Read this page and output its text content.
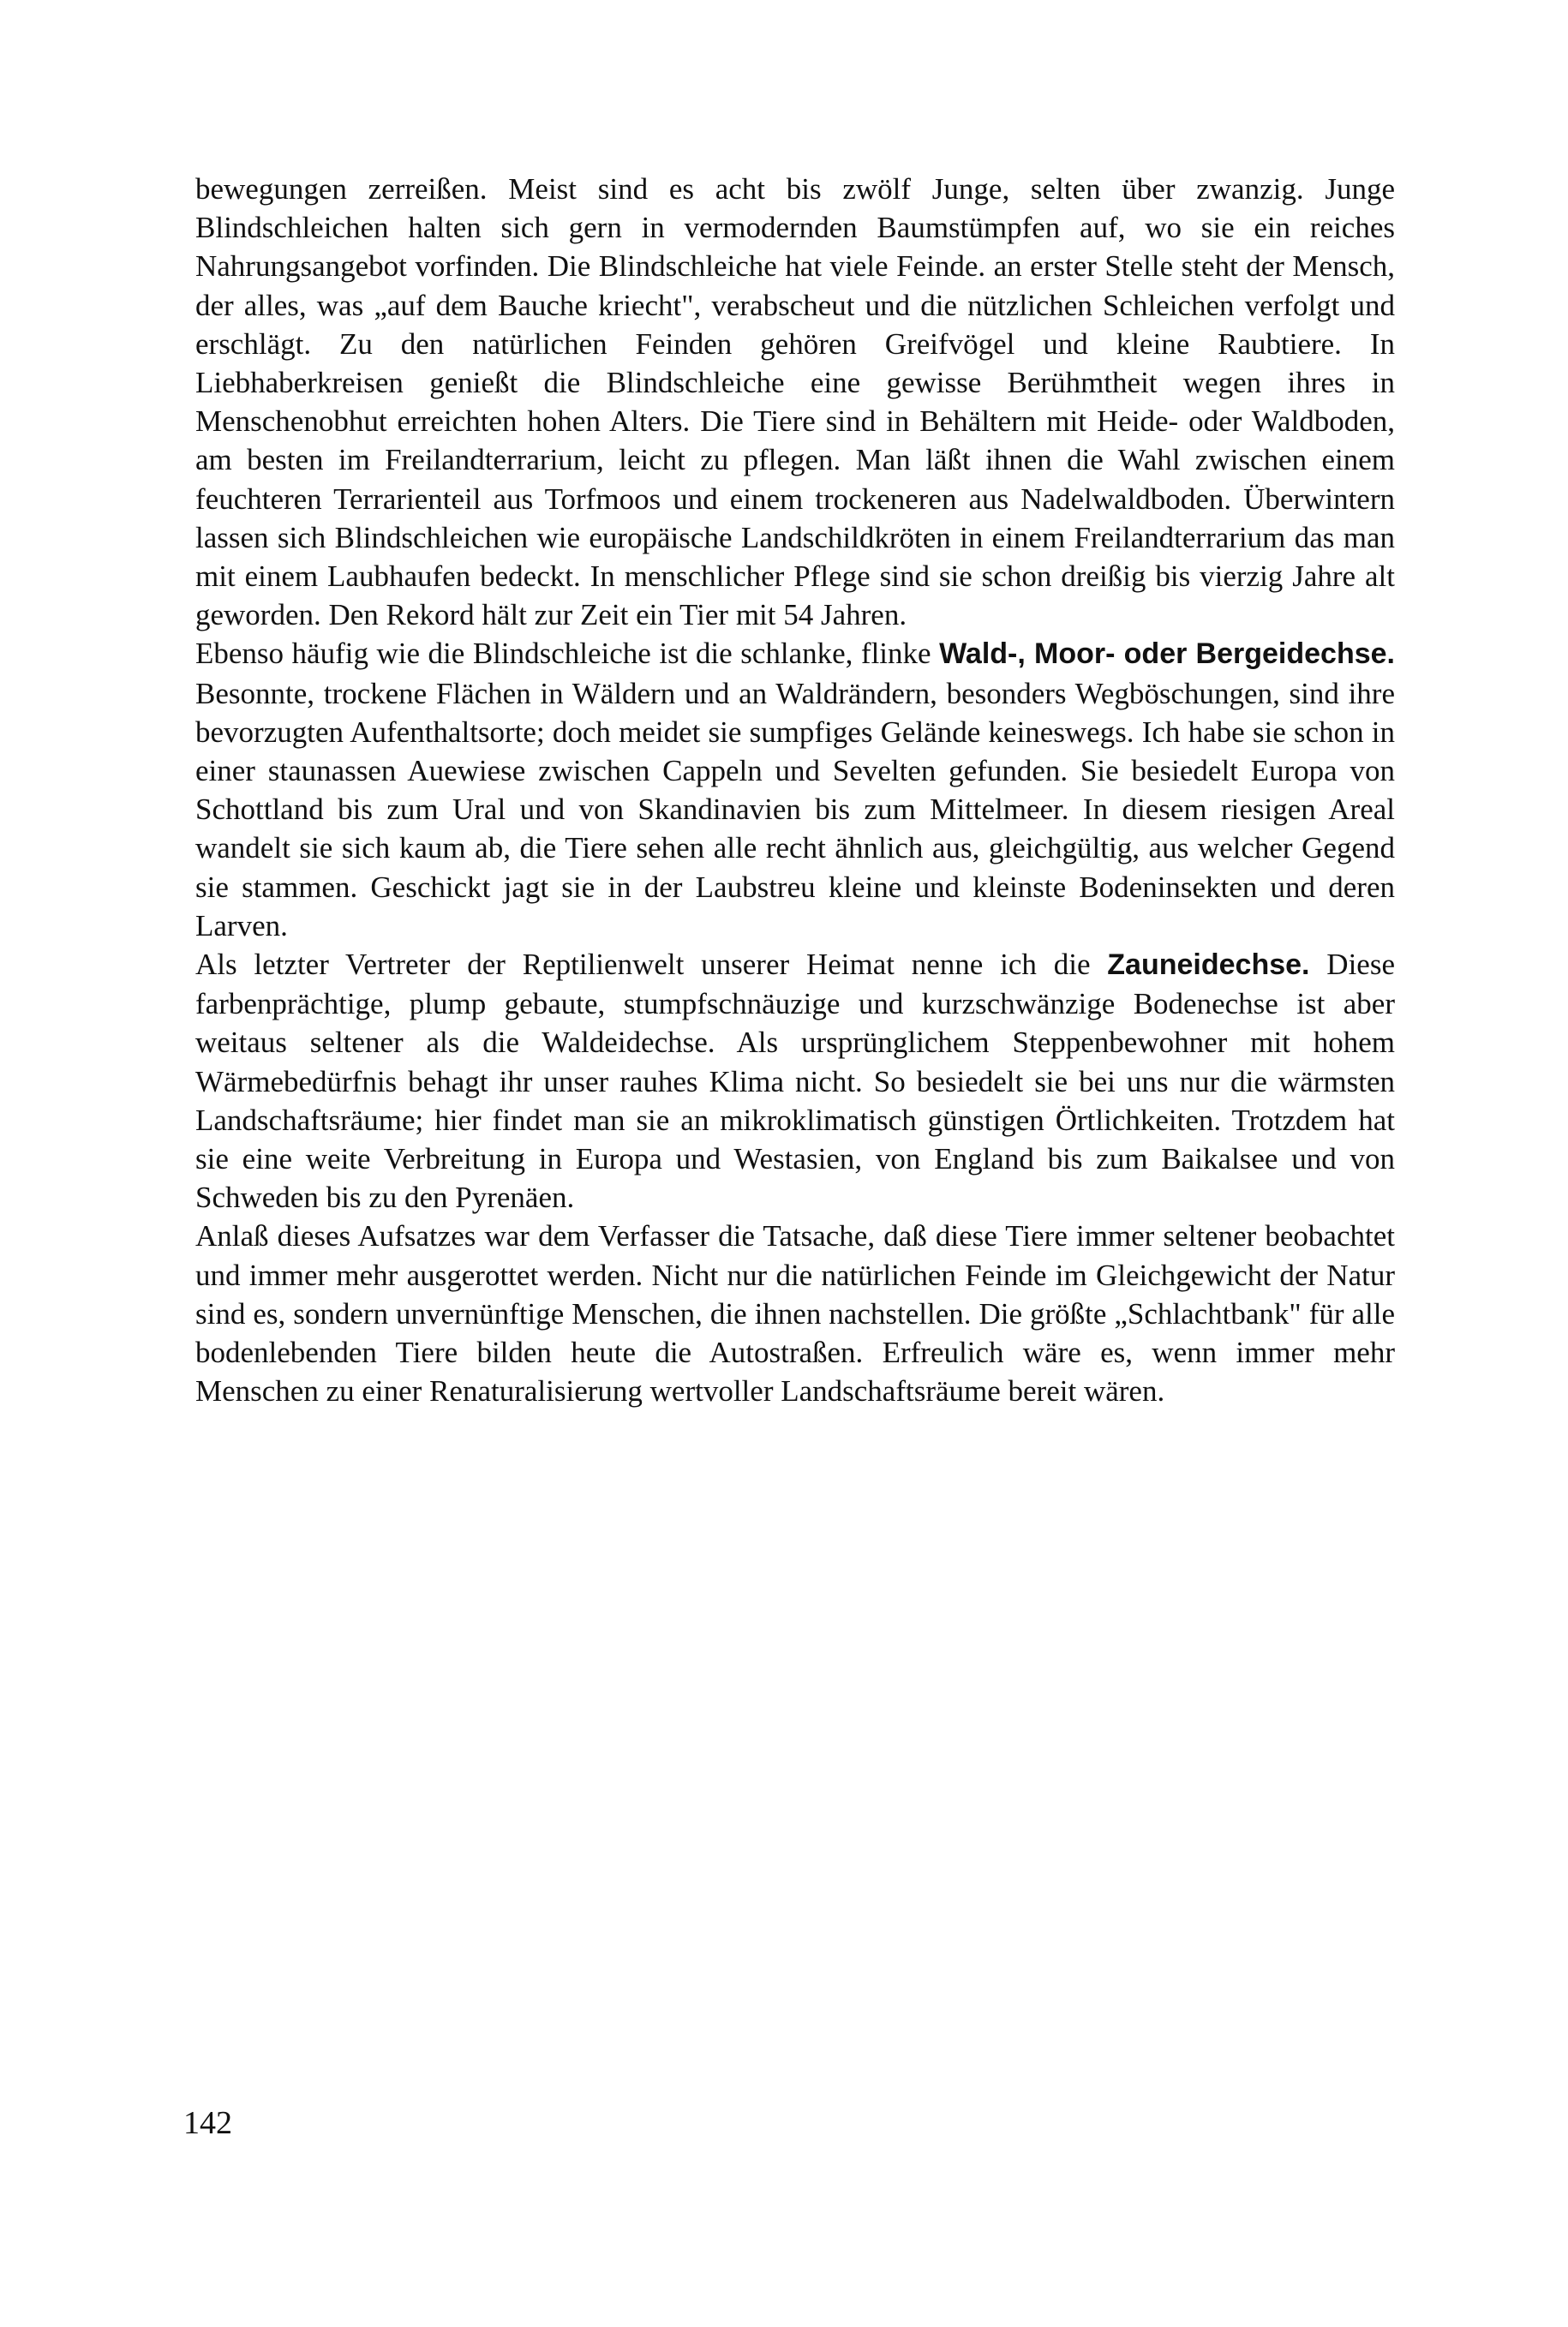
bewegungen zerreißen. Meist sind es acht bis zwölf Junge, selten über zwanzig. Junge Blindschleichen halten sich gern in vermodernden Baumstümpfen auf, wo sie ein reiches Nahrungsangebot vorfinden. Die Blindschleiche hat viele Feinde. an erster Stelle steht der Mensch, der alles, was „auf dem Bauche kriecht", verabscheut und die nützlichen Schleichen verfolgt und erschlägt. Zu den natürlichen Feinden gehören Greifvögel und kleine Raubtiere. In Liebhaberkreisen genießt die Blindschleiche eine gewisse Berühmtheit wegen ihres in Menschenobhut erreichten hohen Alters. Die Tiere sind in Behältern mit Heide- oder Waldboden, am besten im Freilandterrarium, leicht zu pflegen. Man läßt ihnen die Wahl zwischen einem feuchteren Terrarienteil aus Torfmoos und einem trockeneren aus Nadelwaldboden. Überwintern lassen sich Blindschleichen wie europäische Landschildkröten in einem Freilandterrarium das man mit einem Laubhaufen bedeckt. In menschlicher Pflege sind sie schon dreißig bis vierzig Jahre alt geworden. Den Rekord hält zur Zeit ein Tier mit 54 Jahren.

Ebenso häufig wie die Blindschleiche ist die schlanke, flinke Wald-, Moor- oder Bergeidechse. Besonnte, trockene Flächen in Wäldern und an Waldrändern, besonders Wegböschungen, sind ihre bevorzugten Aufenthaltsorte; doch meidet sie sumpfiges Gelände keineswegs. Ich habe sie schon in einer staunassen Auewiese zwischen Cappeln und Sevelten gefunden. Sie besiedelt Europa von Schottland bis zum Ural und von Skandinavien bis zum Mittelmeer. In diesem riesigen Areal wandelt sie sich kaum ab, die Tiere sehen alle recht ähnlich aus, gleichgültig, aus welcher Gegend sie stammen. Geschickt jagt sie in der Laubstreu kleine und kleinste Bodeninsekten und deren Larven.

Als letzter Vertreter der Reptilienwelt unserer Heimat nenne ich die Zauneidechse. Diese farbenprächtige, plump gebaute, stumpfschnäuzige und kurzschwänzige Bodenechse ist aber weitaus seltener als die Waldeidechse. Als ursprünglichem Steppenbewohner mit hohem Wärmebedürfnis behagt ihr unser rauhes Klima nicht. So besiedelt sie bei uns nur die wärmsten Landschaftsräume; hier findet man sie an mikroklimatisch günstigen Örtlichkeiten. Trotzdem hat sie eine weite Verbreitung in Europa und Westasien, von England bis zum Baikalsee und von Schweden bis zu den Pyrenäen.

Anlaß dieses Aufsatzes war dem Verfasser die Tatsache, daß diese Tiere immer seltener beobachtet und immer mehr ausgerottet werden. Nicht nur die natürlichen Feinde im Gleichgewicht der Natur sind es, sondern unvernünftige Menschen, die ihnen nachstellen. Die größte „Schlachtbank" für alle bodenlebenden Tiere bilden heute die Autostraßen. Erfreulich wäre es, wenn immer mehr Menschen zu einer Renaturalisierung wertvoller Landschaftsräume bereit wären.

142
